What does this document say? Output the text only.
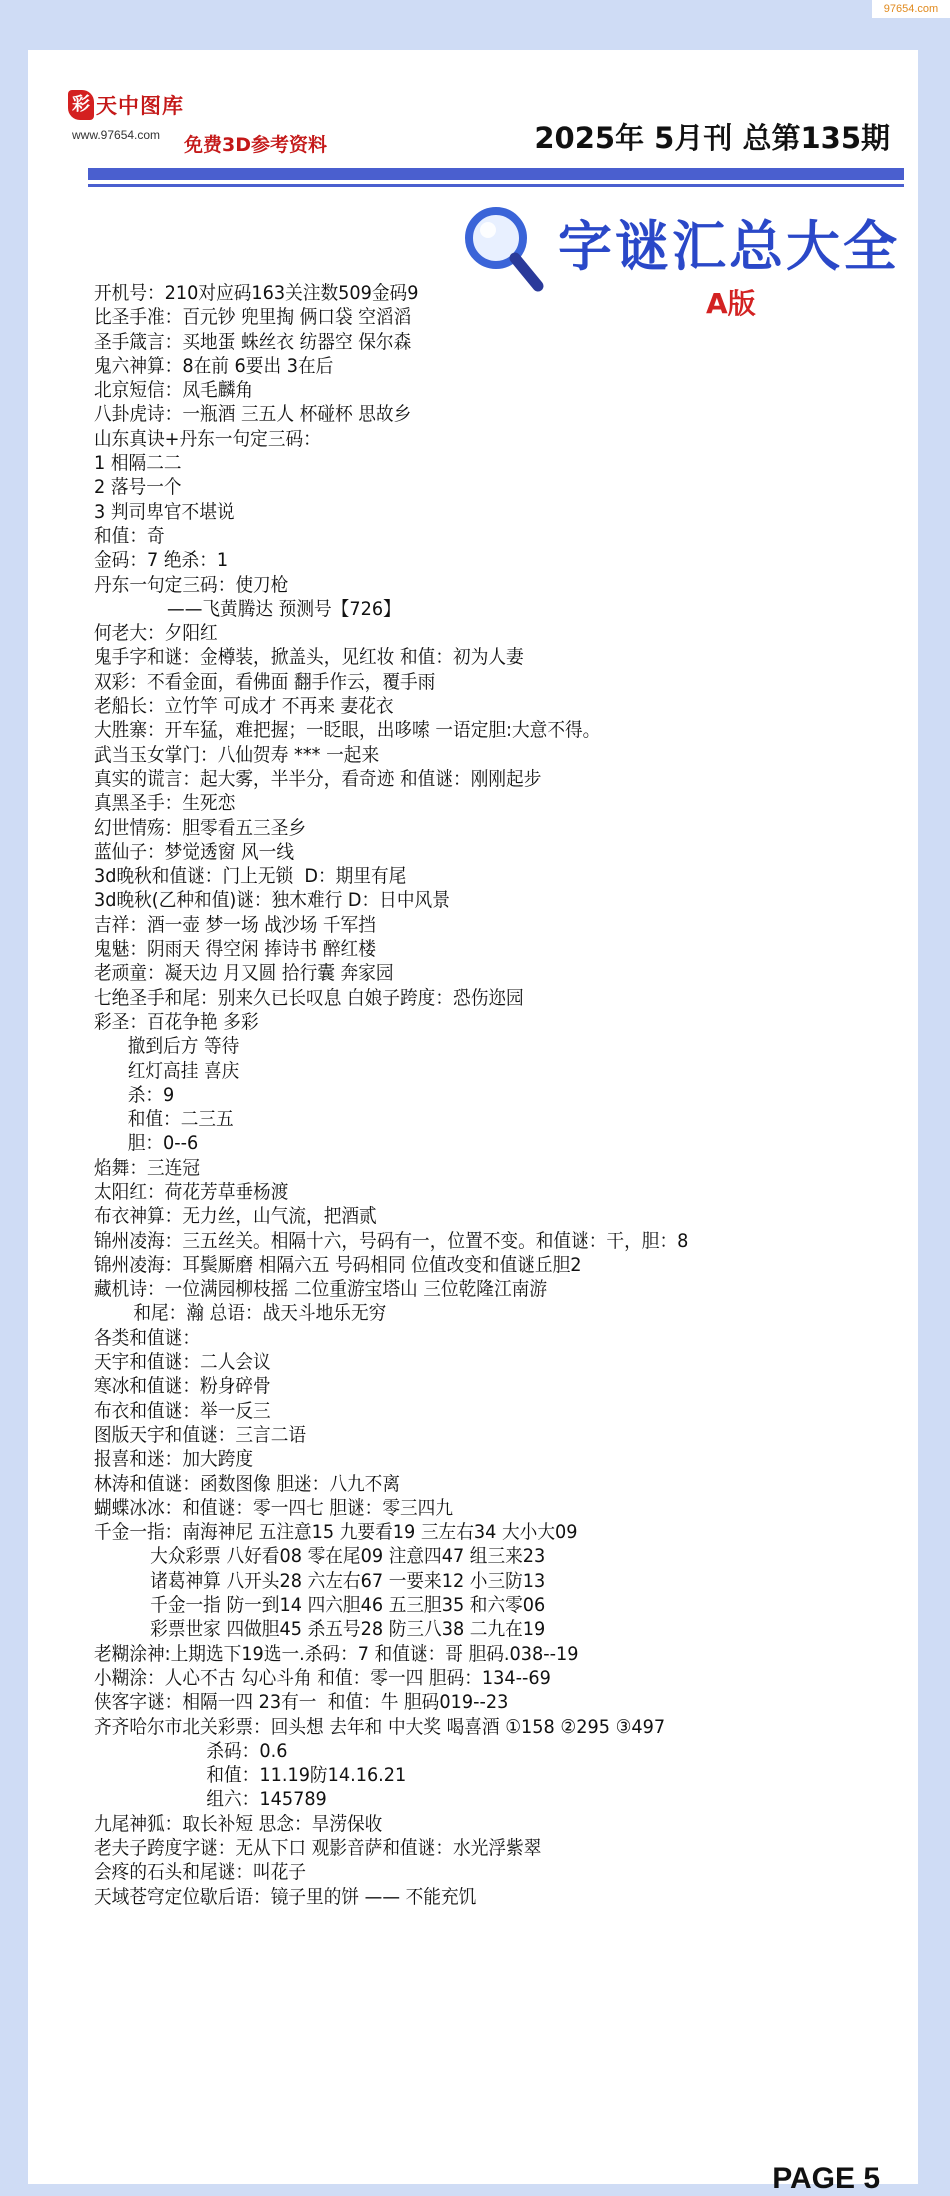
彩 天中图库
www.97654.com 免费3D参考资料	2025年 5月刊 总第135期
字谜汇总大全
A版
开机号：210对应码163关注数509金码9
比圣手准：百元钞 兜里掏 俩口袋 空滔滔
圣手箴言：买地蛋 蛛丝衣 纺器空 保尔森
鬼六神算：8在前 6要出 3在后
北京短信：凤毛麟角
八卦虎诗：一瓶酒 三五人 杯碰杯 思故乡
山东真诀+丹东一句定三码：
1 相隔二二
2 落号一个
3 判司卑官不堪说
和值：奇
金码：7 绝杀：1
丹东一句定三码：使刀枪
——飞黄腾达 预测号【726】
何老大：夕阳红
鬼手字和谜：金樽装，掀盖头，见红妆 和值：初为人妻
双彩：不看金面，看佛面 翻手作云，覆手雨
老船长：立竹竿 可成才 不再来 妻花衣
大胜寨：开车猛，难把握；一眨眼，出哆嗦 一语定胆:大意不得。
武当玉女掌门：八仙贺寿 *** 一起来
真实的谎言：起大雾，半半分，看奇迹 和值谜：刚刚起步
真黑圣手：生死恋
幻世情殇：胆零看五三圣乡
蓝仙子：梦觉透窗 风一线
3d晚秋和值谜：门上无锁  D：期里有尾
3d晚秋(乙种和值)谜：独木难行 D：日中风景
吉祥：酒一壶 梦一场 战沙场 千军挡
鬼魅：阴雨天 得空闲 捧诗书 醉红楼
老顽童：凝天边 月又圆 拾行囊 奔家园
七绝圣手和尾：别来久已长叹息 白娘子跨度：恐伤迩园
彩圣：百花争艳 多彩
撤到后方 等待
红灯高挂 喜庆
杀：9
和值：二三五
胆：0--6
焰舞：三连冠
太阳红：荷花芳草垂杨渡
布衣神算：无力丝，山气流，把酒贰
锦州凌海：三五丝关。相隔十六，号码有一，位置不变。和值谜：干，胆：8
锦州凌海：耳鬓厮磨 相隔六五 号码相同 位值改变和值谜丘胆2
藏机诗：一位满园柳枝摇 二位重游宝塔山 三位乾隆江南游
和尾：瀚 总语：战天斗地乐无穷
各类和值谜：
天宇和值谜：二人会议
寒冰和值谜：粉身碎骨
布衣和值谜：举一反三
图版天宇和值谜：三言二语
报喜和迷：加大跨度
林涛和值谜：函数图像 胆迷：八九不离
蝴蝶冰冰：和值谜：零一四七 胆谜：零三四九
千金一指：南海神尼 五注意15 九要看19 三左右34 大小大09
大众彩票 八好看08 零在尾09 注意四47 组三来23
诸葛神算 八开头28 六左右67 一要来12 小三防13
千金一指 防一到14 四六胆46 五三胆35 和六零06
彩票世家 四做胆45 杀五号28 防三八38 二九在19
老糊涂神:上期选下19选一.杀码：7 和值谜：哥 胆码.038--19
小糊涂：人心不古 勾心斗角 和值：零一四 胆码：134--69
侠客字谜：相隔一四 23有一  和值：牛 胆码019--23
齐齐哈尔市北关彩票：回头想 去年和 中大奖 喝喜酒 ①158 ②295 ③497
杀码：0.6
和值：11.19防14.16.21
组六：145789
九尾神狐：取长补短 思念：旱涝保收
老夫子跨度字谜：无从下口 观影音萨和值谜：水光浮紫翠
会疼的石头和尾谜：叫花子
天域苍穹定位歇后语：镜子里的饼 —— 不能充饥
PAGE 5
97654.com
